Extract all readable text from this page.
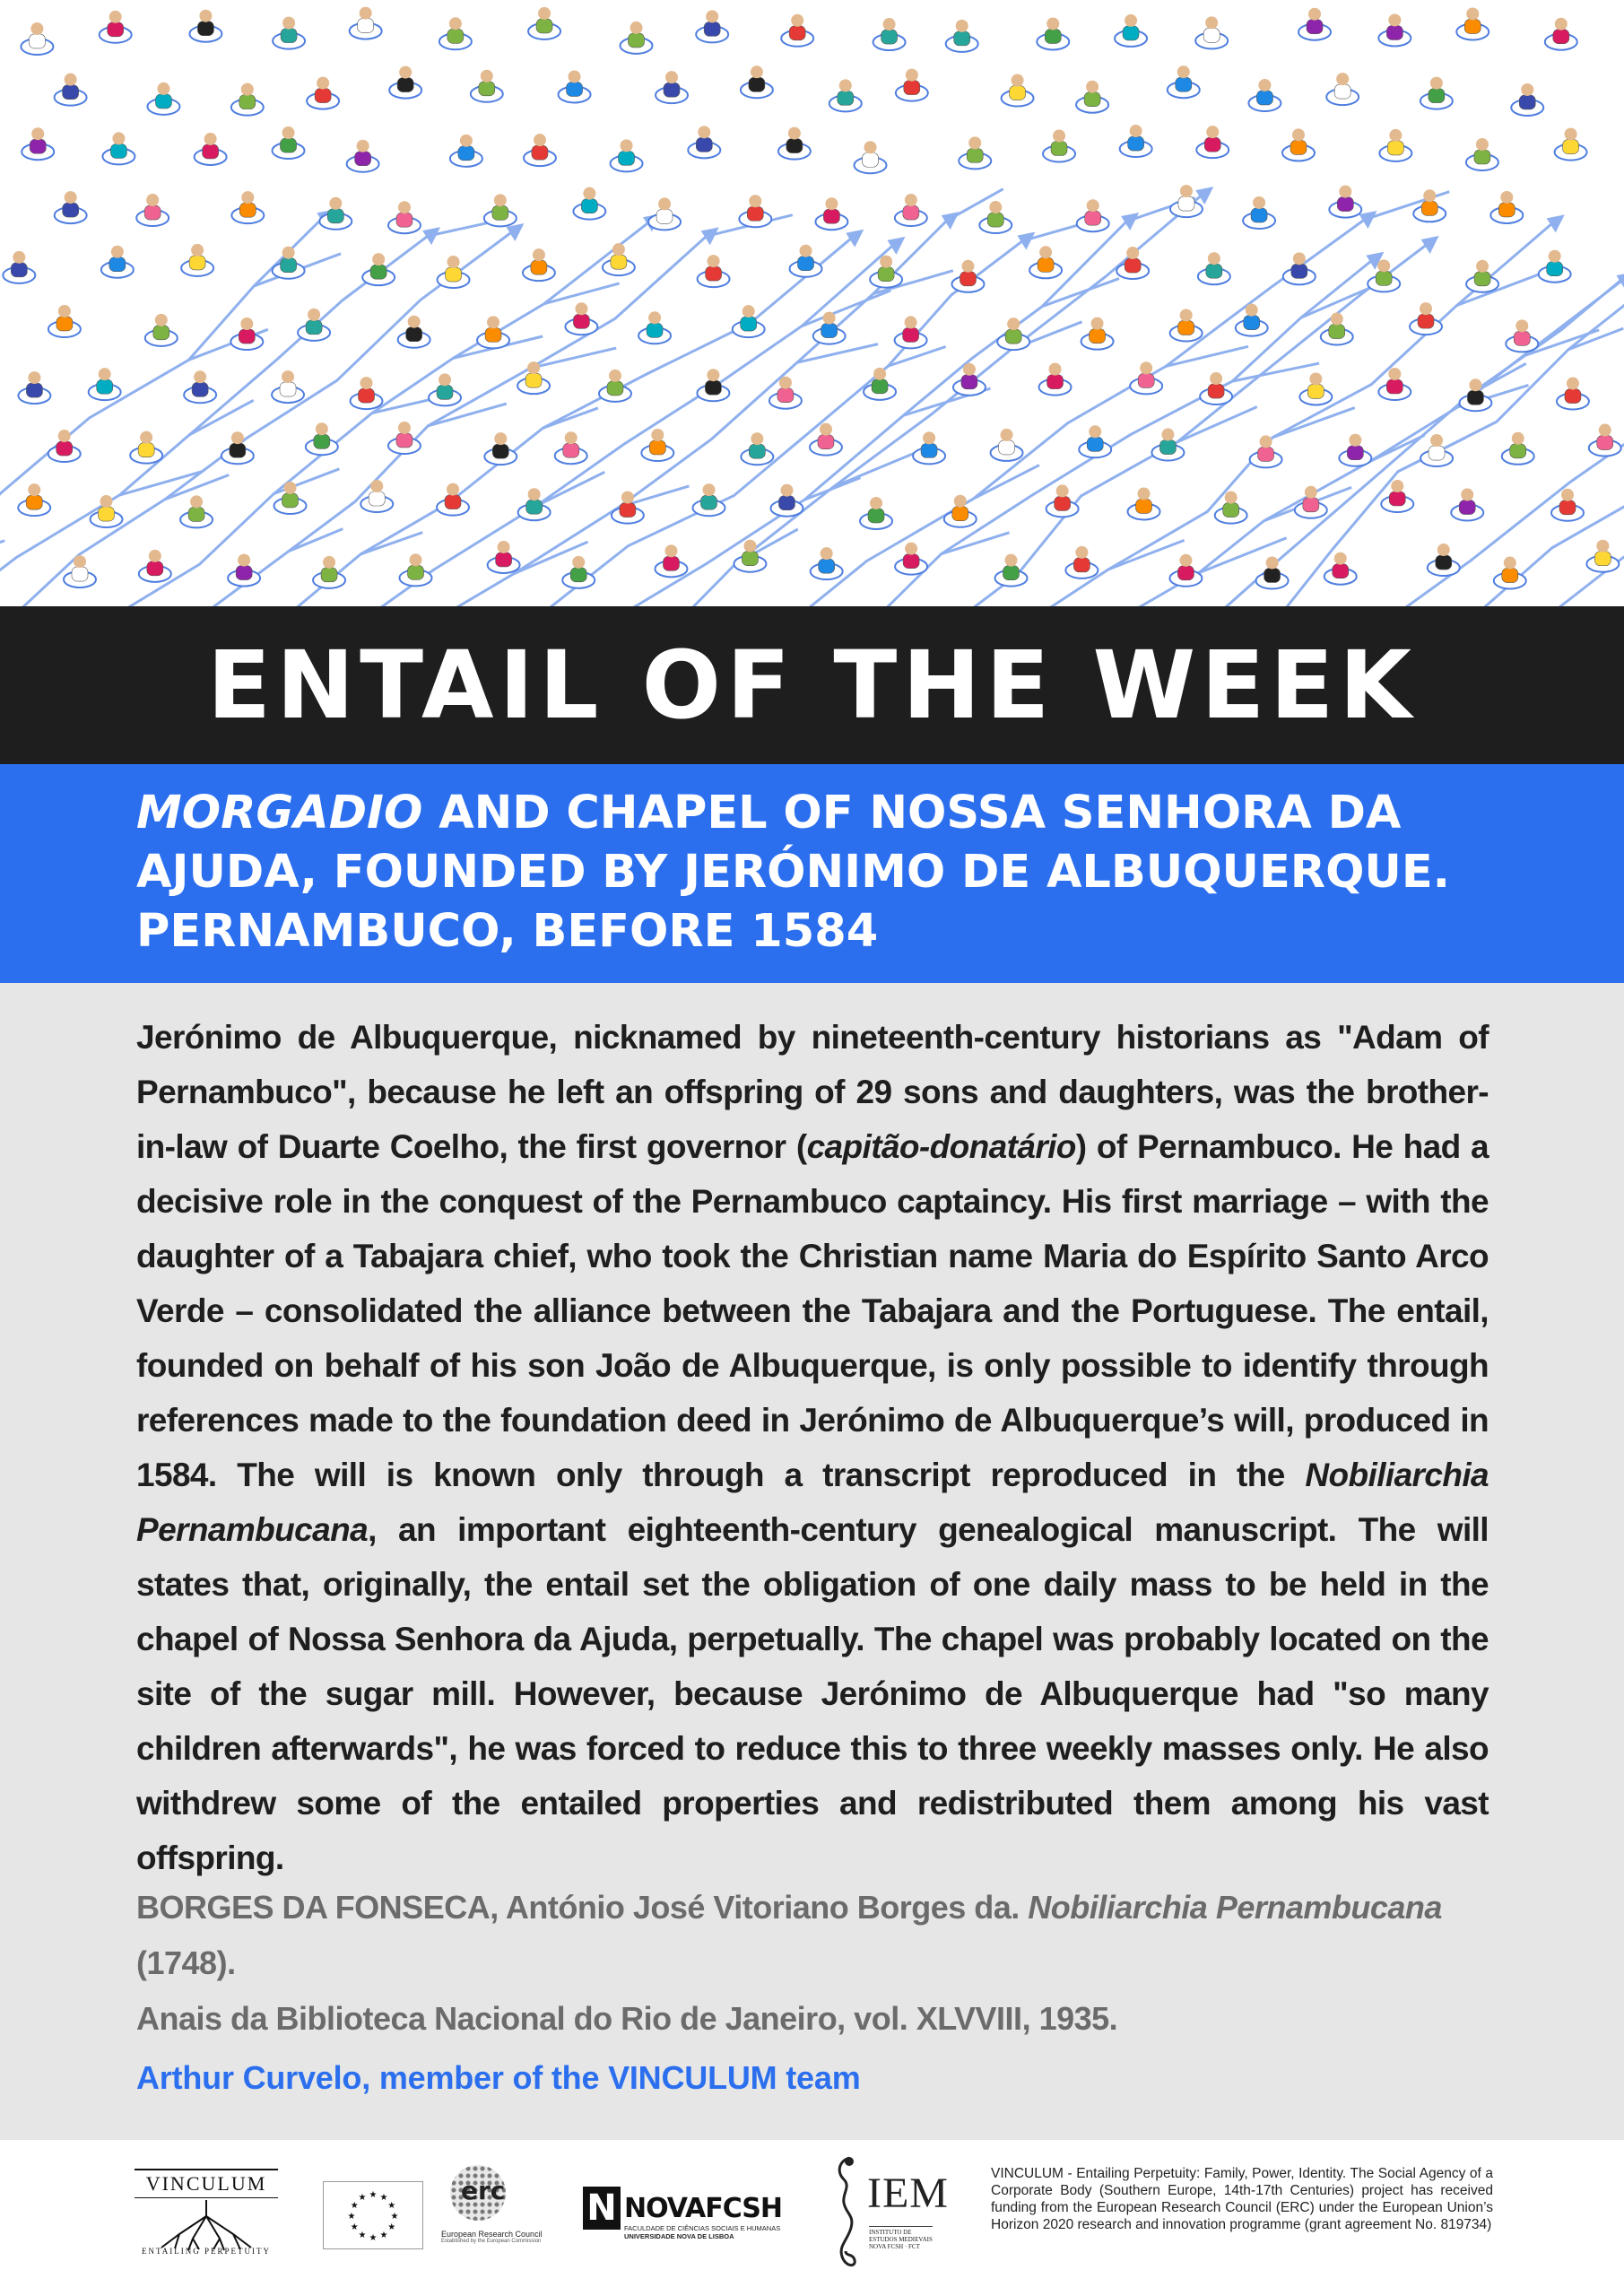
ENTAIL OF THE WEEK
MORGADIO AND CHAPEL OF NOSSA SENHORA DA
AJUDA, FOUNDED BY JERÓNIMO DE ALBUQUERQUE.
PERNAMBUCO, BEFORE 1584

Jerónimo de Albuquerque, nicknamed by nineteenth-century historians as "Adam of Pernambuco", because he left an offspring of 29 sons and daughters, was the brother-in-law of Duarte Coelho, the first governor (capitão-donatário) of Pernambuco. He had a decisive role in the conquest of the Pernambuco captaincy. His first marriage – with the daughter of a Tabajara chief, who took the Christian name Maria do Espírito Santo Arco Verde – consolidated the alliance between the Tabajara and the Portuguese. The entail, founded on behalf of his son João de Albuquerque, is only possible to identify through references made to the foundation deed in Jerónimo de Albuquerque’s will, produced in 1584. The will is known only through a transcript reproduced in the Nobiliarchia Pernambucana, an important eighteenth-century genealogical manuscript. The will states that, originally, the entail set the obligation of one daily mass to be held in the chapel of Nossa Senhora da Ajuda, perpetually. The chapel was probably located on the site of the sugar mill. However, because Jerónimo de Albuquerque had "so many children afterwards", he was forced to reduce this to three weekly masses only. He also withdrew some of the entailed properties and redistributed them among his vast offspring.

BORGES DA FONSECA, António José Vitoriano Borges da. Nobiliarchia Pernambucana (1748).
Anais da Biblioteca Nacional do Rio de Janeiro, vol. XLVVIII, 1935.
Arthur Curvelo, member of the VINCULUM team
VINCULUM
ENTAILING PERPETUITY
★
★
★
★
★
★
★
★
★ ★ ★
★
erc
European Research Council
Established by the European Commission
N NOVAFCSH
FACULDADE DE CIÊNCIAS SOCIAIS E HUMANAS
UNIVERSIDADE NOVA DE LISBOA
IEM
INSTITUTO DE
ESTUDOS MEDIEVAIS
NOVA FCSH · FCT
VINCULUM - Entailing Perpetuity: Family, Power, Identity. The Social Agency of a Corporate Body (Southern Europe, 14th-17th Centuries) project has received funding from the European Research Council (ERC) under the European Union’s Horizon 2020 research and innovation programme (grant agreement No. 819734)
